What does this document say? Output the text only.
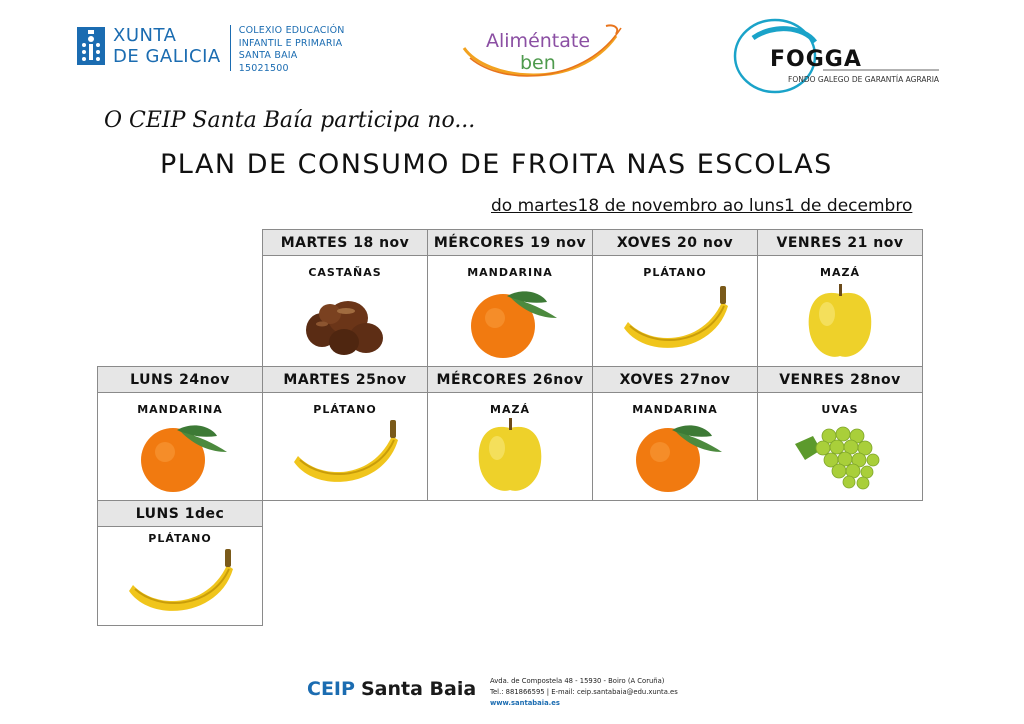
XUNTA
DE GALICIA
COLEXIO EDUCACIÓN
INFANTIL E PRIMARIA
SANTA BAIA
15021500
Aliméntate
ben	FOGGA
FONDO GALEGO DE GARANTÍA AGRARIA
O CEIP Santa Baía participa no...
PLAN DE CONSUMO DE FROITA NAS ESCOLAS
do martes18 de novembro ao luns1 de decembro
MARTES 18 nov
CASTAÑAS
MÉRCORES 19 nov
MANDARINA
XOVES 20 nov
PLÁTANO
VENRES 21 nov
MAZÁ
LUNS 24nov
MANDARINA
MARTES 25nov
PLÁTANO
MÉRCORES 26nov
MAZÁ
XOVES 27nov
MANDARINA
VENRES 28nov
UVAS
LUNS 1dec
PLÁTANO
CEIP Santa Baia Avda. de Compostela 48 - 15930 - Boiro (A Coruña)
Tel.: 881866595 | E-mail: ceip.santabaia@edu.xunta.es
www.santabaia.es
